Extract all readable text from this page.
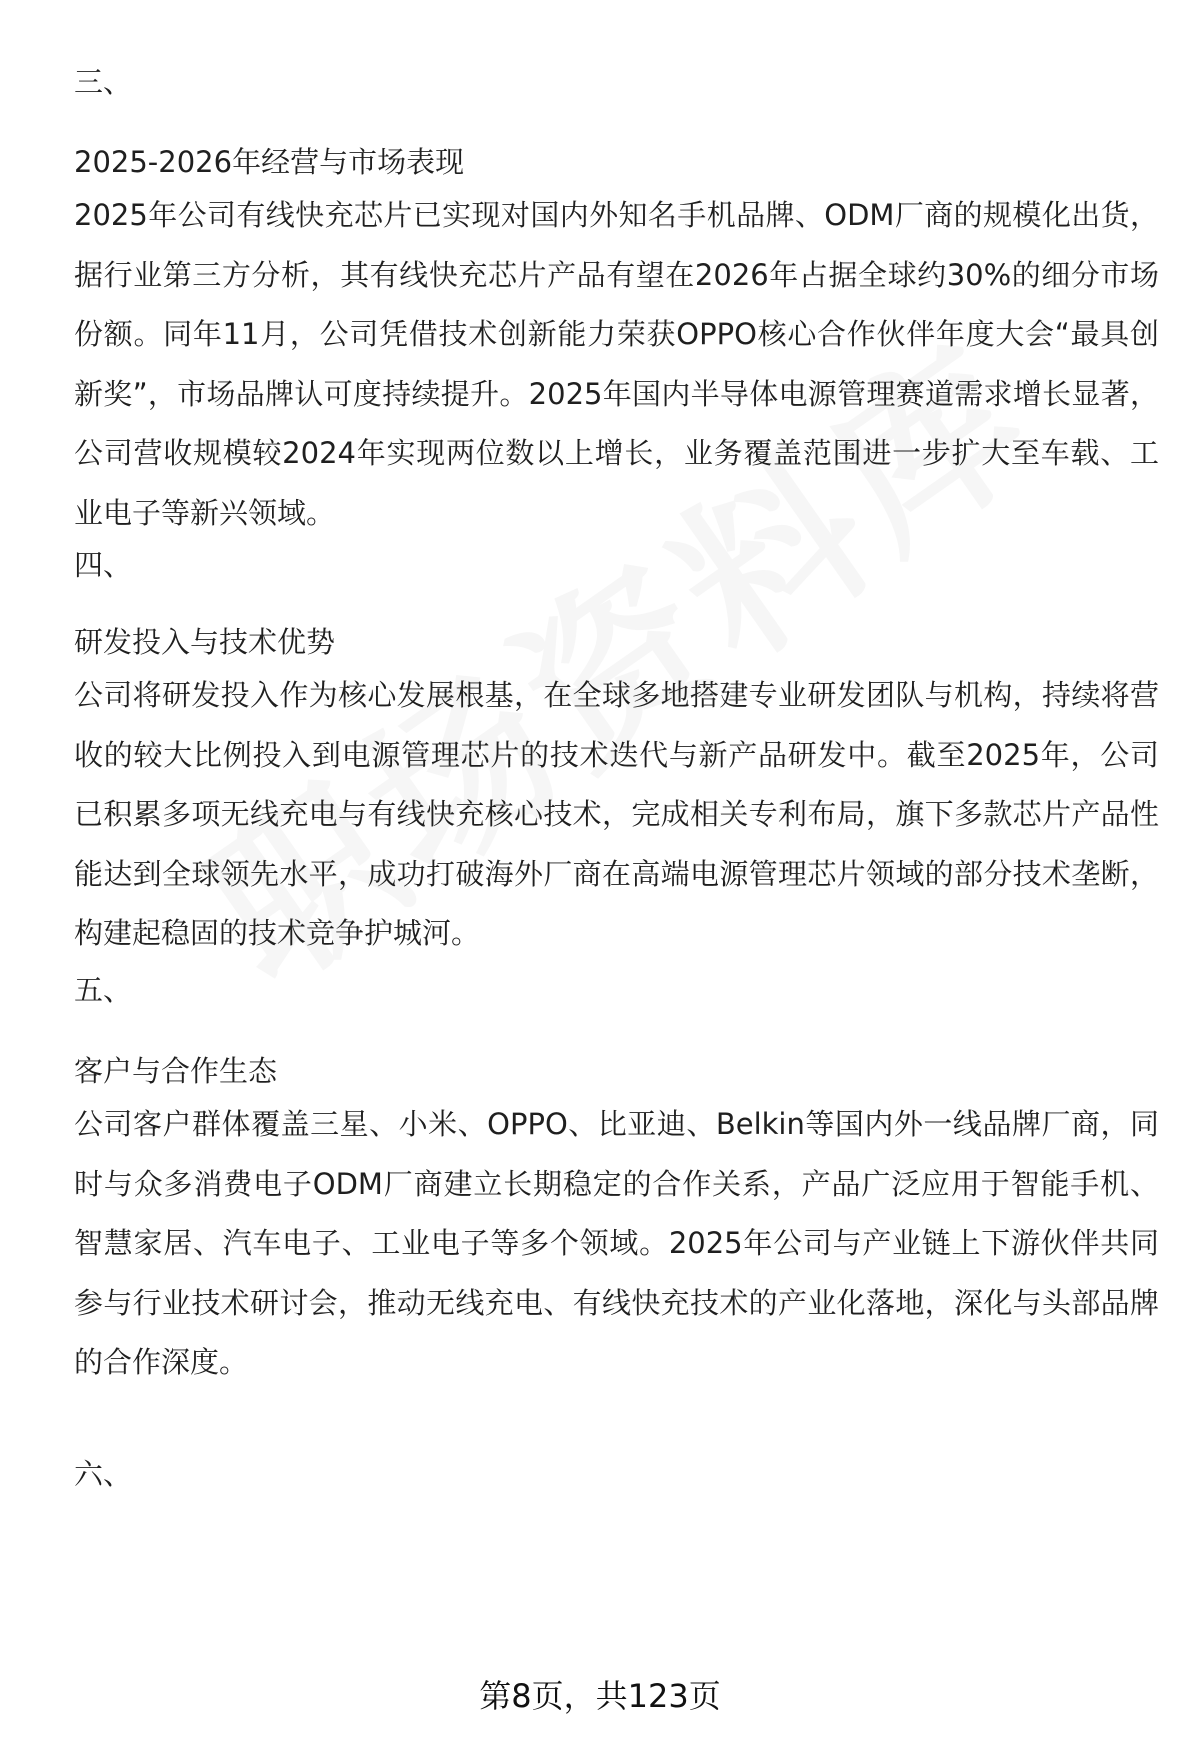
三、

2025-2026年经营与市场表现

2025年公司有线快充芯片已实现对国内外知名手机品牌、ODM厂商的规模化出货，据行业第三方分析，其有线快充芯片产品有望在2026年占据全球约30%的细分市场份额。同年11月，公司凭借技术创新能力荣获OPPO核心合作伙伴年度大会“最具创新奖”，市场品牌认可度持续提升。2025年国内半导体电源管理赛道需求增长显著，公司营收规模较2024年实现两位数以上增长，业务覆盖范围进一步扩大至车载、工业电子等新兴领域。

四、

研发投入与技术优势

公司将研发投入作为核心发展根基，在全球多地搭建专业研发团队与机构，持续将营收的较大比例投入到电源管理芯片的技术迭代与新产品研发中。截至2025年，公司已积累多项无线充电与有线快充核心技术，完成相关专利布局，旗下多款芯片产品性能达到全球领先水平，成功打破海外厂商在高端电源管理芯片领域的部分技术垄断，构建起稳固的技术竞争护城河。

五、

客户与合作生态

公司客户群体覆盖三星、小米、OPPO、比亚迪、Belkin等国内外一线品牌厂商，同时与众多消费电子ODM厂商建立长期稳定的合作关系，产品广泛应用于智能手机、智慧家居、汽车电子、工业电子等多个领域。2025年公司与产业链上下游伙伴共同参与行业技术研讨会，推动无线充电、有线快充技术的产业化落地，深化与头部品牌的合作深度。

六、

第8页，共123页
